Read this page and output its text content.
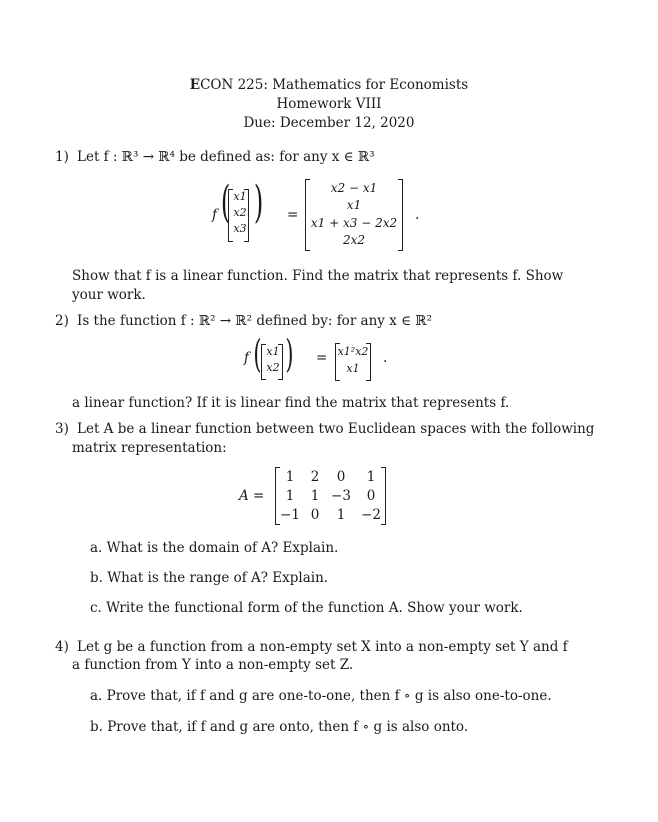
ECON 225: Mathematics for Economists
Homework VIII
Due: December 12, 2020
1) Let f : ℝ³ → ℝ⁴ be defined as: for any x ∈ ℝ³
f ( x1
x2
x3
) =
x2 − x1
x1
x1 + x3 − 2x2
2x2
.
Show that f is a linear function. Find the matrix that represents f. Show
your work.
2) Is the function f : ℝ² → ℝ² defined by: for any x ∈ ℝ²
f ( x1
x2 ) = x1²x2
x1
.
a linear function? If it is linear find the matrix that represents f.
3) Let A be a linear function between two Euclidean spaces with the following
matrix representation:
A =
1	2	0	1
1	1 −3	0
−1 0	1	−2
a. What is the domain of A? Explain.
b. What is the range of A? Explain.
c. Write the functional form of the function A. Show your work.
4) Let g be a function from a non-empty set X into a non-empty set Y and f
a function from Y into a non-empty set Z.
a. Prove that, if f and g are one-to-one, then f ∘ g is also one-to-one.
b. Prove that, if f and g are onto, then f ∘ g is also onto.
